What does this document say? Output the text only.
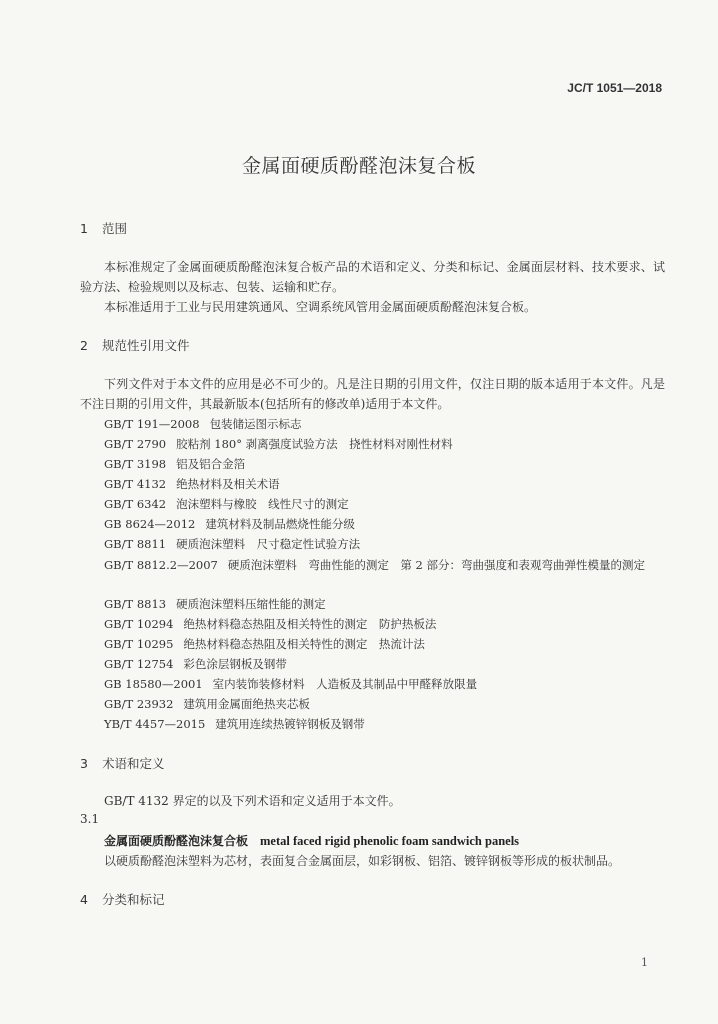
JC/T 1051—2018
金属面硬质酚醛泡沫复合板
1 范围
本标准规定了金属面硬质酚醛泡沫复合板产品的术语和定义、分类和标记、金属面层材料、技术要求、试验方法、检验规则以及标志、包装、运输和贮存。
本标准适用于工业与民用建筑通风、空调系统风管用金属面硬质酚醛泡沫复合板。
2 规范性引用文件
下列文件对于本文件的应用是必不可少的。凡是注日期的引用文件，仅注日期的版本适用于本文件。凡是不注日期的引用文件，其最新版本(包括所有的修改单)适用于本文件。
GB/T 191—2008 包装储运图示标志
GB/T 2790 胶粘剂 180° 剥离强度试验方法　挠性材料对刚性材料
GB/T 3198 铝及铝合金箔
GB/T 4132 绝热材料及相关术语
GB/T 6342 泡沫塑料与橡胶　线性尺寸的测定
GB 8624—2012 建筑材料及制品燃烧性能分级
GB/T 8811 硬质泡沫塑料　尺寸稳定性试验方法
GB/T 8812.2—2007 硬质泡沫塑料　弯曲性能的测定　第 2 部分：弯曲强度和表观弯曲弹性模量的测定
GB/T 8813 硬质泡沫塑料压缩性能的测定
GB/T 10294 绝热材料稳态热阻及相关特性的测定　防护热板法
GB/T 10295 绝热材料稳态热阻及相关特性的测定　热流计法
GB/T 12754 彩色涂层钢板及钢带
GB 18580—2001 室内装饰装修材料　人造板及其制品中甲醛释放限量
GB/T 23932 建筑用金属面绝热夹芯板
YB/T 4457—2015 建筑用连续热镀锌钢板及钢带
3 术语和定义
GB/T 4132 界定的以及下列术语和定义适用于本文件。
3.1
金属面硬质酚醛泡沫复合板 metal faced rigid phenolic foam sandwich panels
以硬质酚醛泡沫塑料为芯材，表面复合金属面层，如彩钢板、铝箔、镀锌钢板等形成的板状制品。
4 分类和标记
1
